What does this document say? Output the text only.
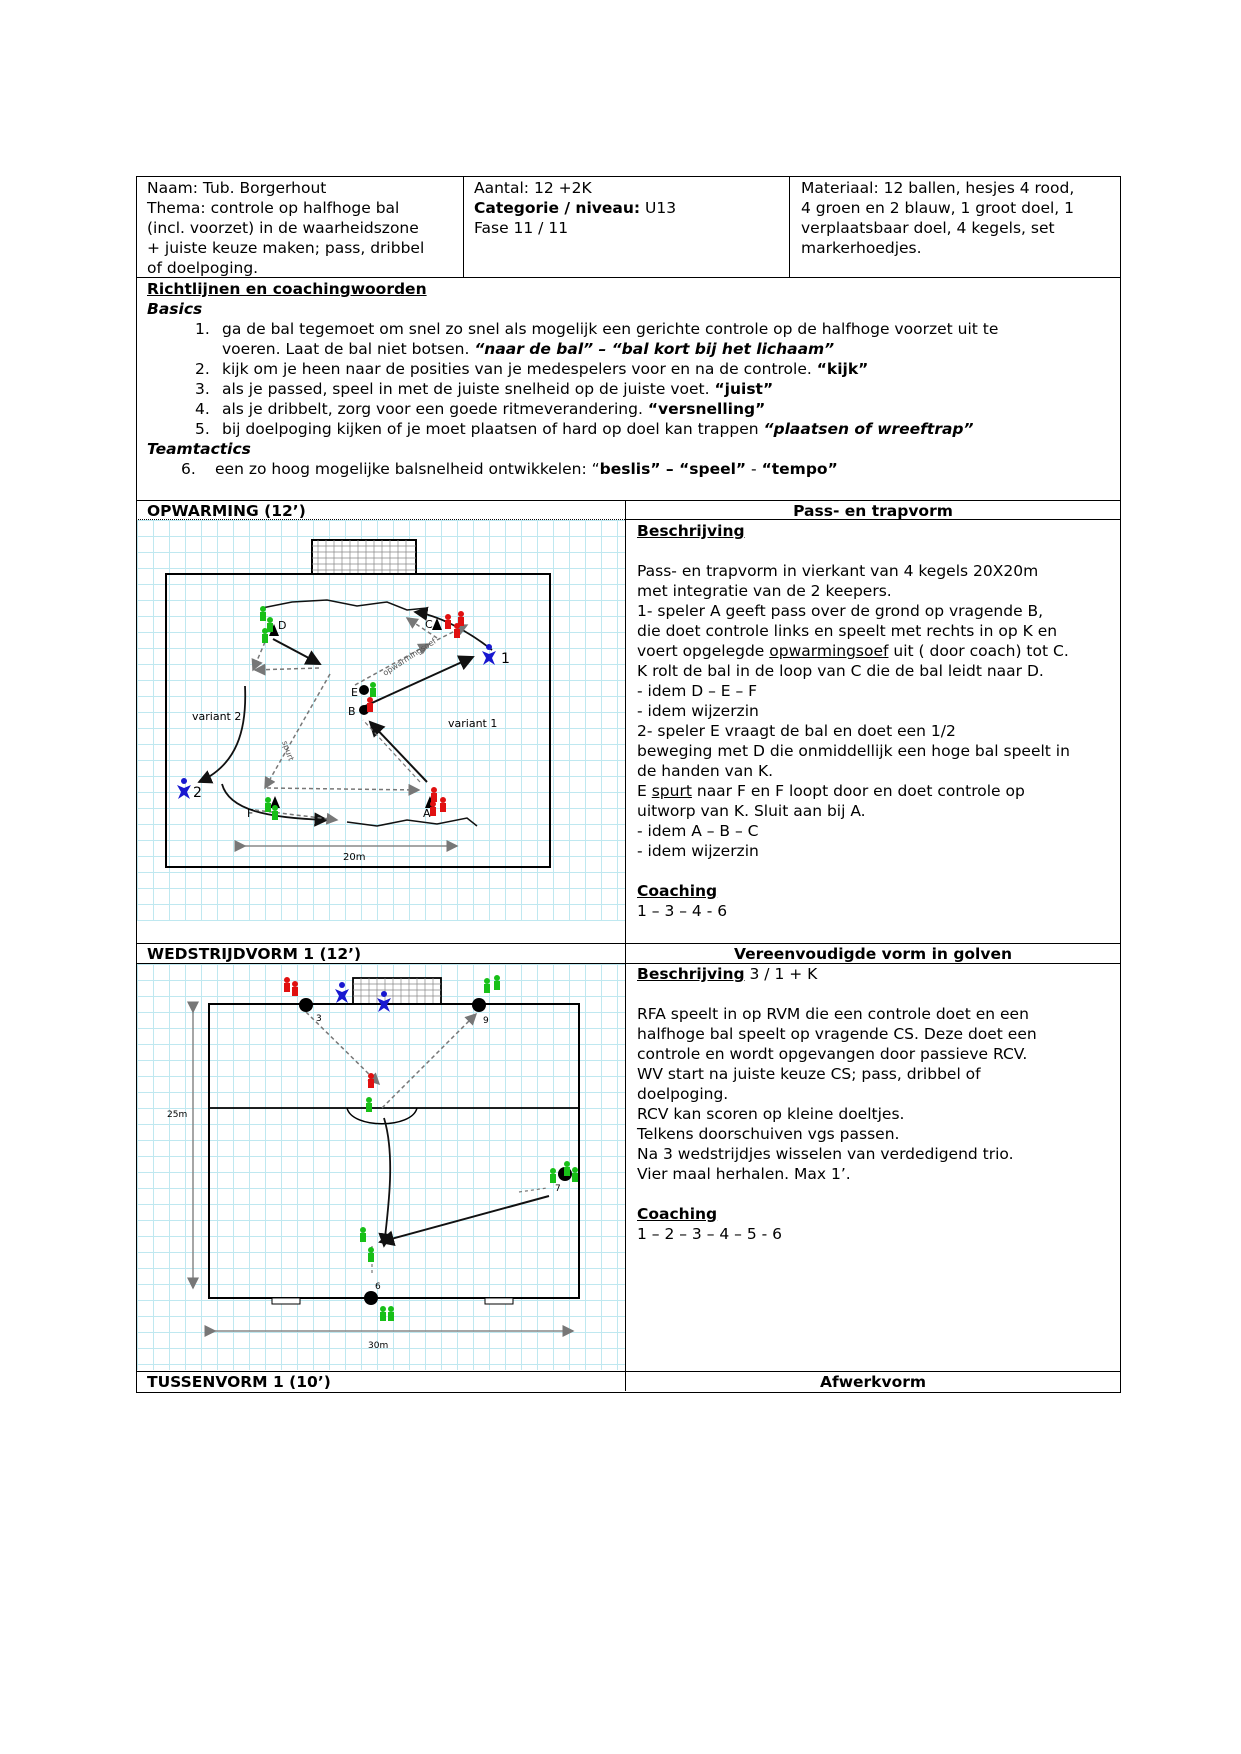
Naam: Tub. Borgerhout
Thema: controle op halfhoge bal
(incl. voorzet) in de waarheidszone
+ juiste keuze maken; pass, dribbel
of doelpoging.
Aantal: 12 +2K
Categorie / niveau: U13
Fase 11 / 11
Materiaal: 12 ballen, hesjes 4 rood,
4 groen en 2 blauw, 1 groot doel, 1
verplaatsbaar doel, 4 kegels, set
markerhoedjes.
Richtlijnen en coachingwoorden
Basics
1. ga de bal tegemoet om snel zo snel als mogelijk een gerichte controle op de halfhoge voorzet uit te
voeren. Laat de bal niet botsen. “naar de bal” – “bal kort bij het lichaam”
2. kijk om je heen naar de posities van je medespelers voor en na de controle. “kijk”
3. als je passed, speel in met de juiste snelheid op de juiste voet. “juist”
4. als je dribbelt, zorg voor een goede ritmeverandering. “versnelling”
5. bij doelpoging kijken of je moet plaatsen of hard op doel kan trappen “plaatsen of wreeftrap”
Teamtactics
6. een zo hoog mogelijke balsnelheid ontwikkelen: “beslis” – “speel” - “tempo”
OPWARMING (12’)	Pass- en trapvorm
D	C
E
B
F	A
1
2
variant 1
variant 2
20m
opwarmingsoef
spurt
Beschrijving
Pass- en trapvorm in vierkant van 4 kegels 20X20m
met integratie van de 2 keepers.
1- speler A geeft pass over de grond op vragende B,
die doet controle links en speelt met rechts in op K en
voert opgelegde opwarmingsoef uit ( door coach) tot C.
K rolt de bal in de loop van C die de bal leidt naar D.
- idem D – E – F
- idem wijzerzin
2- speler E vraagt de bal en doet een 1/2
beweging met D die onmiddellijk een hoge bal speelt in
de handen van K.
E spurt naar F en F loopt door en doet controle op
uitworp van K. Sluit aan bij A.
- idem A – B – C
- idem wijzerzin
Coaching
1 – 3 – 4 - 6
WEDSTRIJDVORM 1 (12’)	Vereenvoudigde vorm in golven
3	9
7
6
25m
30m
Beschrijving 3 / 1 + K
RFA speelt in op RVM die een controle doet en een
halfhoge bal speelt op vragende CS. Deze doet een
controle en wordt opgevangen door passieve RCV.
WV start na juiste keuze CS; pass, dribbel of
doelpoging.
RCV kan scoren op kleine doeltjes.
Telkens doorschuiven vgs passen.
Na 3 wedstrijdjes wisselen van verdedigend trio.
Vier maal herhalen. Max 1’.
Coaching
1 – 2 – 3 – 4 – 5 - 6
TUSSENVORM 1 (10’)	Afwerkvorm
